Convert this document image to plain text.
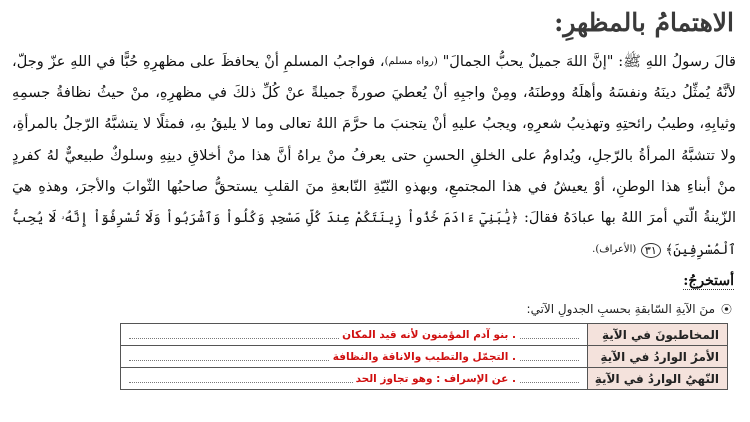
الاهتمامُ بالمظهرِ:
قالَ رسولُ اللهِ ﷺ: "إنَّ اللهَ جميلٌ يحبُّ الجمالَ" (رواه مسلم)، فواجبُ المسلمِ أنْ يحافظَ على مظهرِهِ حُبًّا في اللهِ عزّ وجلّ، لأنَّهُ يُمثِّلُ دينَهُ ونفسَهُ وأهلَهُ ووطنَهُ، ومِنْ واجبِهِ أنْ يُعطيَ صورةً جميلةً عنْ كُلِّ ذلكَ في مظهرِهِ، منْ حيثُ نظافةُ جسمِهِ وثيابِهِ، وطيبُ رائحتِهِ وتهذيبُ شعرِهِ، ويجبُ عليهِ أنْ يتجنبَ ما حرَّمَ اللهُ تعالى وما لا يليقُ بهِ، فمثلًا لا يتشبَّهُ الرّجلُ بالمرأةِ، ولا تتشبَّهُ المرأةُ بالرّجلِ، ويُداومُ على الخلقِ الحسنِ حتى يعرفُ منْ يراهُ أنَّ هذا منْ أخلاقِ دينِهِ وسلوكٌ طبيعيٌّ لهُ كفردٍ منْ أبناءِ هذا الوطنِ، أوْ يعيشُ في هذا المجتمعِ، وبهذهِ النّيّةِ النّابعةِ منَ القلبِ يستحقُّ صاحبُها الثّوابَ والأجرَ، وهذهِ هيَ الزّينةُ الّتي أمرَ اللهُ بها عبادَهُ فقالَ: ﴿يَٰبَنِيٓ ءَادَمَ خُذُواْ زِينَتَكُمْ عِندَ كُلِّ مَسْجِدٖ وَكُلُواْ وَٱشْرَبُواْ وَلَا تُسْرِفُوٓاْ إِنَّهُۥ لَا يُحِبُّ ٱلْمُسْرِفِينَ﴾ ٣١ (الأعراف).
أستخرجُ:
⦿منَ الآيةِ السّابقةِ بحسبِ الجدولِ الآتي:
المخاطبونَ في الآيةِ	. بنو آدم المؤمنون لأنه قيد المكان
الأمرُ الواردُ في الآيةِ	. التجمّل والتطيب والاناقة والنظافة
النّهيُ الواردُ في الآيةِ	. عن الإسراف : وهو تجاوز الحد
